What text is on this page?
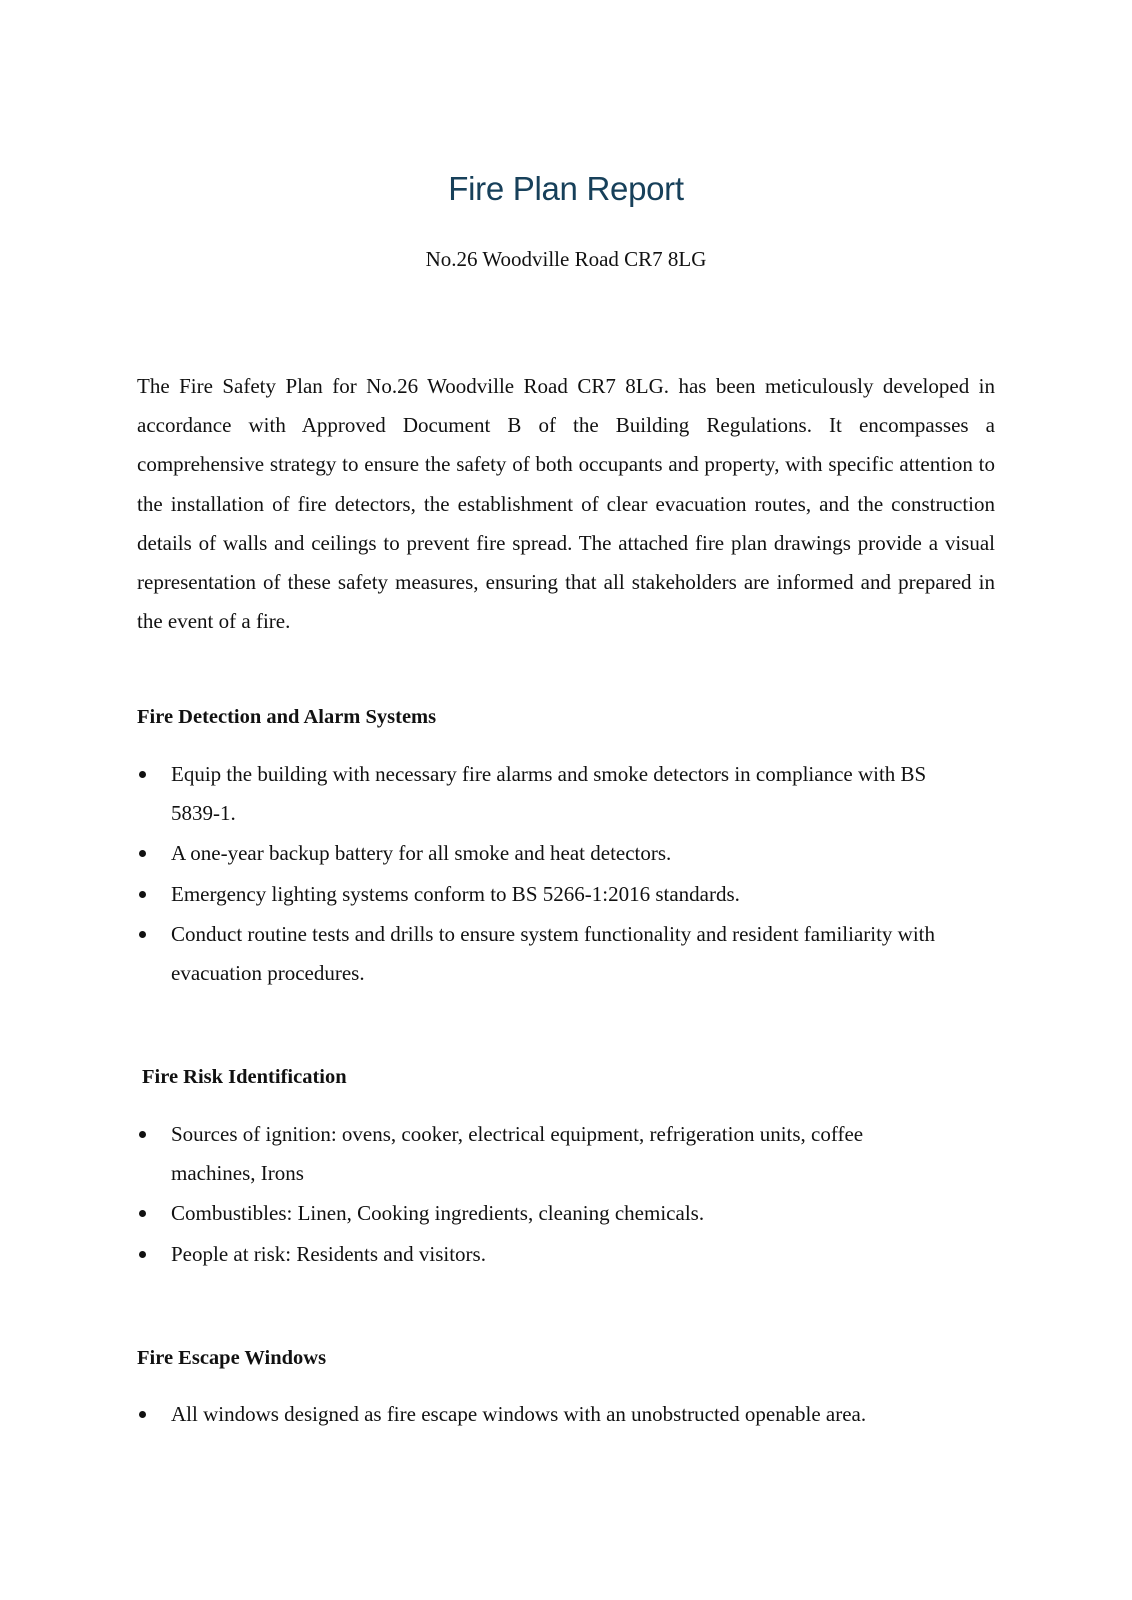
Fire Plan Report
No.26 Woodville Road CR7 8LG

The Fire Safety Plan for No.26 Woodville Road CR7 8LG. has been meticulously developed in accordance with Approved Document B of the Building Regulations. It encompasses a comprehensive strategy to ensure the safety of both occupants and property, with specific attention to the installation of fire detectors, the establishment of clear evacuation routes, and the construction details of walls and ceilings to prevent fire spread. The attached fire plan drawings provide a visual representation of these safety measures, ensuring that all stakeholders are informed and prepared in the event of a fire.

Fire Detection and Alarm Systems
Equip the building with necessary fire alarms and smoke detectors in compliance with BS 5839-1.
A one-year backup battery for all smoke and heat detectors.
Emergency lighting systems conform to BS 5266-1:2016 standards.
Conduct routine tests and drills to ensure system functionality and resident familiarity with evacuation procedures.
Fire Risk Identification
Sources of ignition: ovens, cooker, electrical equipment, refrigeration units, coffee machines, Irons
Combustibles: Linen, Cooking ingredients, cleaning chemicals.
People at risk: Residents and visitors.
Fire Escape Windows
All windows designed as fire escape windows with an unobstructed openable area.
